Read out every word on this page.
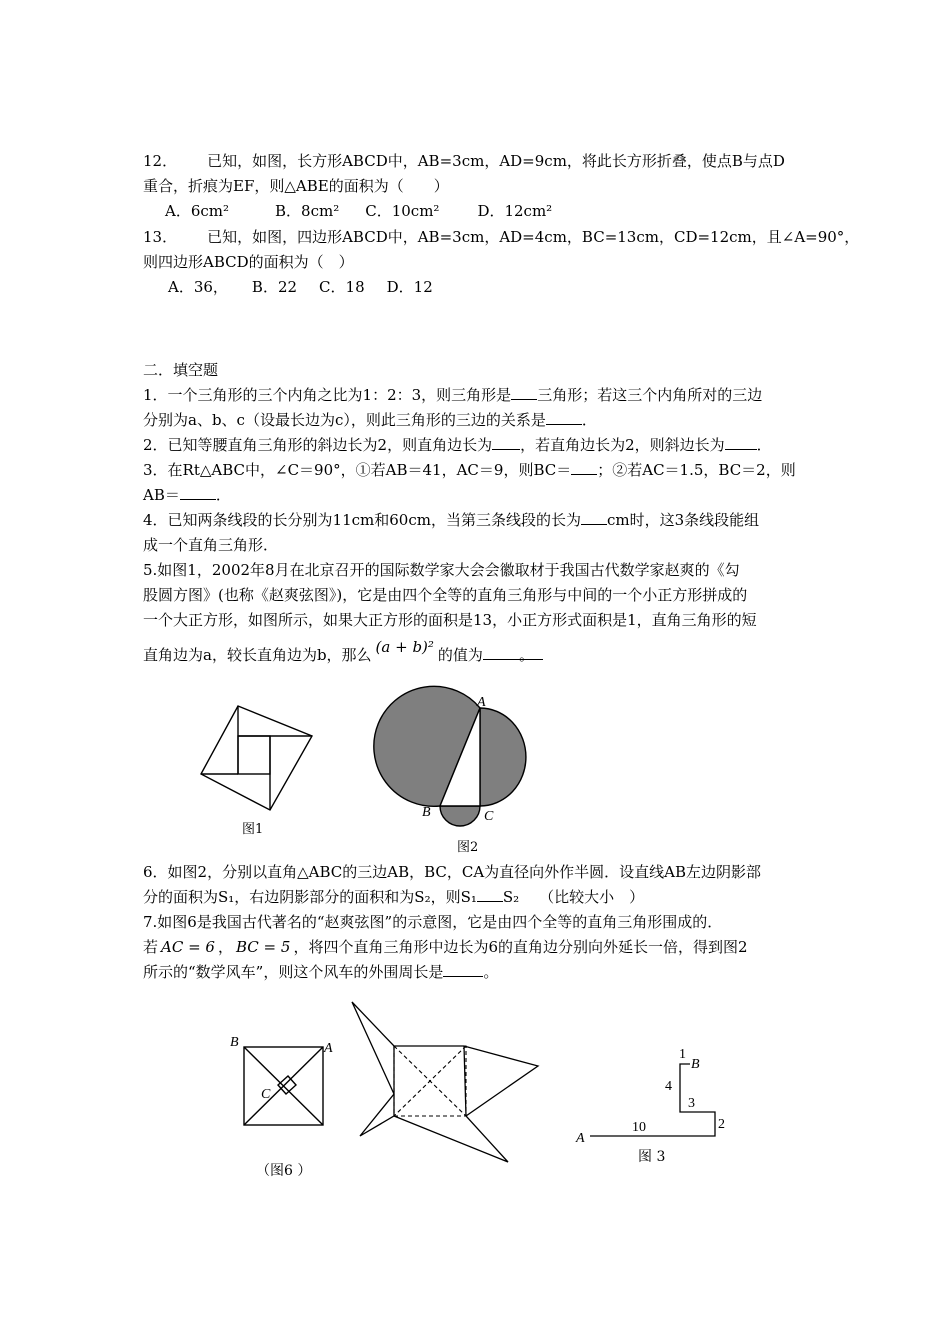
12．  已知，如图，长方形ABCD中，AB=3cm，AD=9cm，将此长方形折叠，使点B与点D
重合，折痕为EF，则△ABE的面积为（　　）
A．6cm²	B．8cm² C．10cm²	D．12cm²
13．  已知，如图，四边形ABCD中，AB=3cm，AD=4cm，BC=13cm，CD=12cm，且∠A=90°，
则四边形ABCD的面积为（　）
A．36， B．22 C．18 D．12
二．填空题
1．一个三角形的三个内角之比为1：2：3，则三角形是 三角形；若这三个内角所对的三边
分别为a、b、c（设最长边为c），则此三角形的三边的关系是 ．
2．已知等腰直角三角形的斜边长为2，则直角边长为 ，若直角边长为2，则斜边长为 ．
3．在Rt△ABC中，∠C＝90°，①若AB＝41，AC＝9，则BC＝ ；②若AC＝1.5，BC＝2，则
AB＝ ．
4．已知两条线段的长分别为11cm和60cm，当第三条线段的长为 cm时，这3条线段能组
成一个直角三角形．
5.如图1，2002年8月在北京召开的国际数学家大会会徽取材于我国古代数学家赵爽的《勾
股圆方图》(也称《赵爽弦图》)，它是由四个全等的直角三角形与中间的一个小正方形拼成的
一个大正方形，如图所示，如果大正方形的面积是13，小正方形式面积是1，直角三角形的短
直角边为a，较长直角边为b，那么 (a + b)² 的值为 。
图1
A
B	C
图2
6．如图2，分别以直角△ABC的三边AB，BC，CA为直径向外作半圆．设直线AB左边阴影部
分的面积为S₁，右边阴影部分的面积和为S₂，则S₁ S₂ （比较大小　）
7.如图6是我国古代著名的“赵爽弦图”的示意图，它是由四个全等的直角三角形围成的．
若 AC = 6 ， BC = 5 ，将四个直角三角形中边长为6的直角边分别向外延长一倍，得到图2
所示的“数学风车”，则这个风车的外围周长是	。
B	A
C
（图6 ）
1
B
4
3
2
10
A
图 3
